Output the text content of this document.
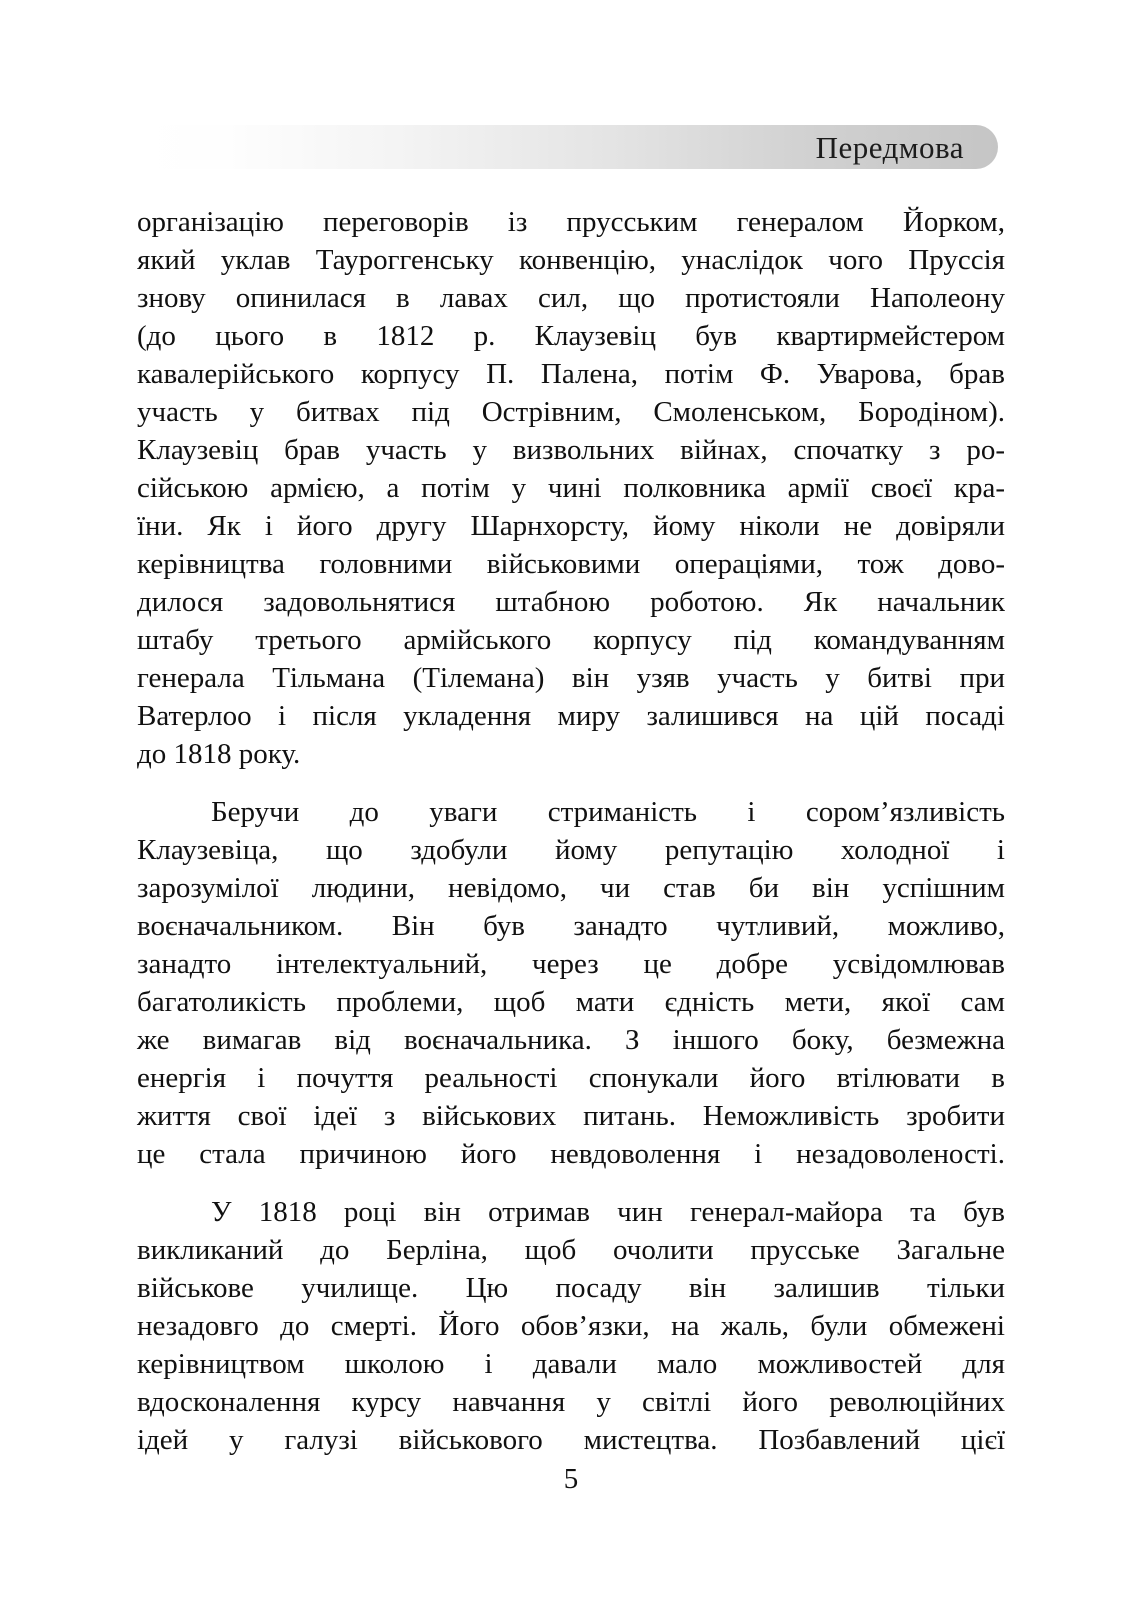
Передмова
організацію переговорів із прусським генералом Йорком,
який уклав Тауроггенську конвенцію, унаслідок чого Пруссія
знову опинилася в лавах сил, що протистояли Наполеону
(до цього в 1812 р. Клаузевіц був квартирмейстером
кавалерійського корпусу П. Палена, потім Ф. Уварова, брав
участь у битвах під Острівним, Смоленськом, Бородіном).
Клаузевіц брав участь у визвольних війнах, спочатку з ро-
сійською армією, а потім у чині полковника армії своєї кра-
їни. Як і його другу Шарнхорсту, йому ніколи не довіряли
керівництва головними військовими операціями, тож дово-
дилося задовольнятися штабною роботою. Як начальник
штабу третього армійського корпусу під командуванням
генерала Тільмана (Тілемана) він узяв участь у битві при
Ватерлоо і після укладення миру залишився на цій посаді
до 1818 року.
Беручи до уваги стриманість і сором’язливість
Клаузевіца, що здобули йому репутацію холодної і
зарозумілої людини, невідомо, чи став би він успішним
воєначальником. Він був занадто чутливий, можливо,
занадто інтелектуальний, через це добре усвідомлював
багатоликість проблеми, щоб мати єдність мети, якої сам
же вимагав від воєначальника. З іншого боку, безмежна
енергія і почуття реальності спонукали його втілювати в
життя свої ідеї з військових питань. Неможливість зробити
це стала причиною його невдоволення і незадоволеності.
У 1818 році він отримав чин генерал-майора та був
викликаний до Берліна, щоб очолити прусське Загальне
військове училище. Цю посаду він залишив тільки
незадовго до смерті. Його обов’язки, на жаль, були обмежені
керівництвом школою і давали мало можливостей для
вдосконалення курсу навчання у світлі його революційних
ідей у галузі військового мистецтва. Позбавлений цієї
5
